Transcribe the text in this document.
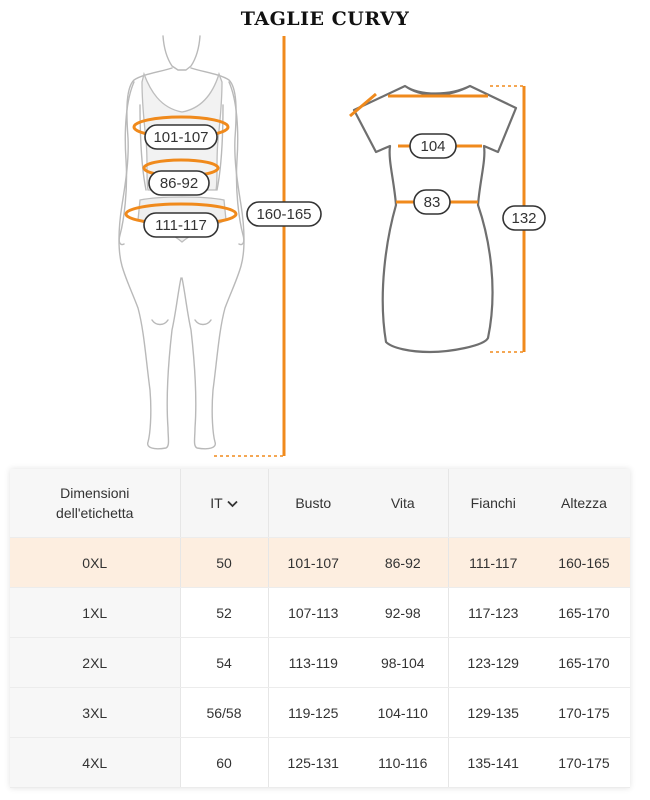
TAGLIE CURVY
101-107
86-92
111-117
160-165
104
83
132
Dimensioni dell'etichetta	IT	Busto	Vita	Fianchi	Altezza
0XL	50	101-107	86-92	111-117	160-165
1XL	52	107-113	92-98	117-123	165-170
2XL	54	113-119	98-104	123-129	165-170
3XL	56/58	119-125	104-110	129-135	170-175
4XL	60	125-131	110-116	135-141	170-175
